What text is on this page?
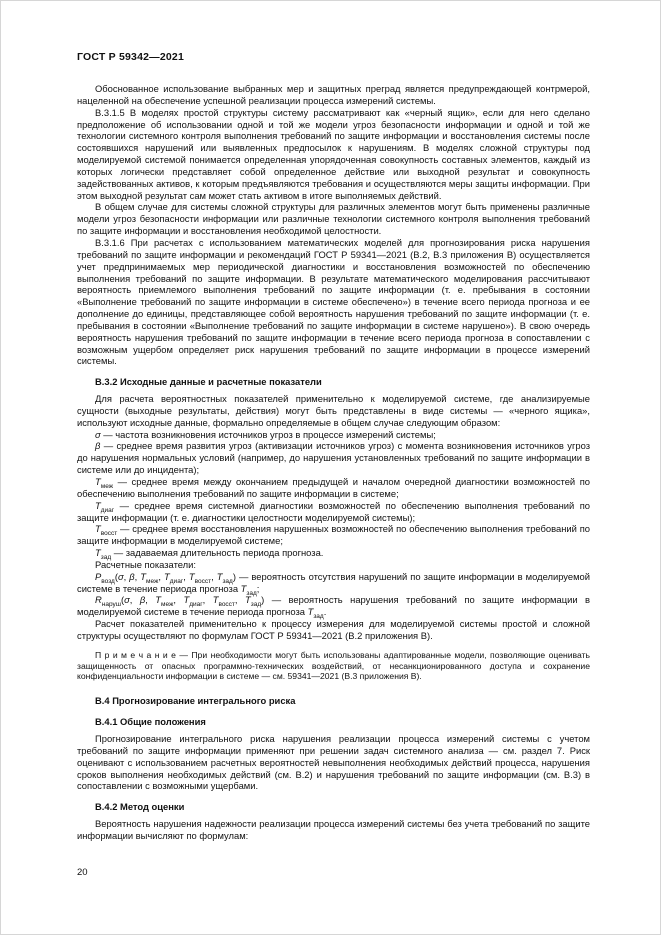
ГОСТ Р 59342—2021

Обоснованное использование выбранных мер и защитных преград является предупреждающей контрмерой, нацеленной на обеспечение успешной реализации процесса измерений системы.

В.3.1.5 В моделях простой структуры систему рассматривают как «черный ящик», если для него сделано предположение об использовании одной и той же модели угроз безопасности информации и одной и той же технологии системного контроля выполнения требований по защите информации и восстановления системы после состоявшихся нарушений или выявленных предпосылок к нарушениям. В моделях сложной структуры под моделируемой системой понимается определенная упорядоченная совокупность составных элементов, каждый из которых логически представляет собой определенное действие или выходной результат и совокупность задействованных активов, к которым предъявляются требования и осуществляются меры защиты информации. При этом выходной результат сам может стать активом в итоге выполняемых действий.

В общем случае для системы сложной структуры для различных элементов могут быть применены различные модели угроз безопасности информации или различные технологии системного контроля выполнения требований по защите информации и восстановления необходимой целостности.

В.3.1.6 При расчетах с использованием математических моделей для прогнозирования риска нарушения требований по защите информации и рекомендаций ГОСТ Р 59341—2021 (В.2, В.3 приложения В) осуществляется учет предпринимаемых мер периодической диагностики и восстановления возможностей по обеспечению выполнения требований по защите информации. В результате математического моделирования рассчитывают вероятность приемлемого выполнения требований по защите информации (т. е. пребывания в состоянии «Выполнение требований по защите информации в системе обеспечено») в течение всего периода прогноза и ее дополнение до единицы, представляющее собой вероятность нарушения требований по защите информации (т. е. пребывания в состоянии «Выполнение требований по защите информации в системе нарушено»). В свою очередь вероятность нарушения требований по защите информации в течение всего периода прогноза в сопоставлении с возможным ущербом определяет риск нарушения требований по защите информации в процессе измерений системы.

В.3.2 Исходные данные и расчетные показатели

Для расчета вероятностных показателей применительно к моделируемой системе, где анализируемые сущности (выходные результаты, действия) могут быть представлены в виде системы — «черного ящика», используют исходные данные, формально определяемые в общем случае следующим образом:

σ — частота возникновения источников угроз в процессе измерений системы;

β — среднее время развития угроз (активизации источников угроз) с момента возникновения источников угроз до нарушения нормальных условий (например, до нарушения установленных требований по защите информации в системе или до инцидента);

$T_{меж}$ — среднее время между окончанием предыдущей и началом очередной диагностики возможностей по обеспечению выполнения требований по защите информации в системе;

$T_{диаг}$ — среднее время системной диагностики возможностей по обеспечению выполнения требований по защите информации (т. е. диагностики целостности моделируемой системы);

$T_{восст}$ — среднее время восстановления нарушенных возможностей по обеспечению выполнения требований по защите информации в моделируемой системе;

$T_{зад}$ — задаваемая длительность периода прогноза.

Расчетные показатели:

$P_{возд}(\sigma$, β, $T_{меж}$, $T_{диаг}$, $T_{восст}$, $T_{зад}$) — вероятность отсутствия нарушений по защите информации в моделируемой системе в течение периода прогноза $T_{зад}$;

$R_{наруш}(\sigma$, β, $T_{меж}$, $T_{диаг}$, $T_{восст}$, $T_{зад}$) — вероятность нарушения требований по защите информации в моделируемой системе в течение периода прогноза $T_{зад}$.

Расчет показателей применительно к процессу измерения для моделируемой системы простой и сложной структуры осуществляют по формулам ГОСТ Р 59341—2021 (В.2 приложения В).

П р и м е ч а н и е — При необходимости могут быть использованы адаптированные модели, позволяющие оценивать защищенность от опасных программно-технических воздействий, от несанкционированного доступа и сохранение конфиденциальности информации в системе — см. 59341—2021 (В.3 приложения В).

В.4 Прогнозирование интегрального риска

В.4.1 Общие положения

Прогнозирование интегрального риска нарушения реализации процесса измерений системы с учетом требований по защите информации применяют при решении задач системного анализа — см. раздел 7. Риск оценивают с использованием расчетных вероятностей невыполнения необходимых действий процесса, нарушения сроков выполнения необходимых действий (см. В.2) и нарушения требований по защите информации (см. В.3) в сопоставлении с возможными ущербами.

В.4.2 Метод оценки

Вероятность нарушения надежности реализации процесса измерений системы без учета требований по защите информации вычисляют по формулам:

20
